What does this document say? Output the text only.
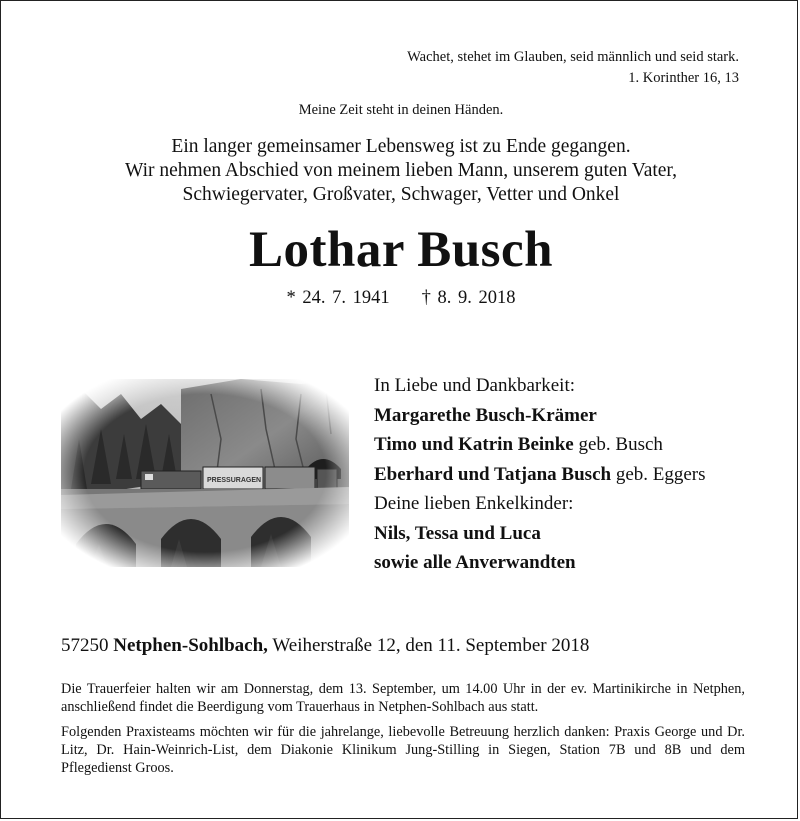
Wachet, stehet im Glauben, seid männlich und seid stark.
1. Korinther 16, 13
Meine Zeit steht in deinen Händen.
Ein langer gemeinsamer Lebensweg ist zu Ende gegangen.
Wir nehmen Abschied von meinem lieben Mann, unserem guten Vater,
Schwiegervater, Großvater, Schwager, Vetter und Onkel
Lothar Busch
* 24. 7. 1941 † 8. 9. 2018
In Liebe und Dankbarkeit:
Margarethe Busch-Krämer
Timo und Katrin Beinke geb. Busch
Eberhard und Tatjana Busch geb. Eggers
Deine lieben Enkelkinder:
Nils, Tessa und Luca
sowie alle Anverwandten
57250 Netphen-Sohlbach, Weiherstraße 12, den 11. September 2018
Die Trauerfeier halten wir am Donnerstag, dem 13. September, um 14.00 Uhr in der ev. Martinikirche in Netphen, anschließend findet die Beerdigung vom Trauerhaus in Netphen-Sohlbach aus statt.
Folgenden Praxisteams möchten wir für die jahrelange, liebevolle Betreuung herzlich danken: Praxis George und Dr. Litz, Dr. Hain-Weinrich-List, dem Diakonie Klinikum Jung-Stilling in Siegen, Station 7B und 8B und dem Pflegedienst Groos.
